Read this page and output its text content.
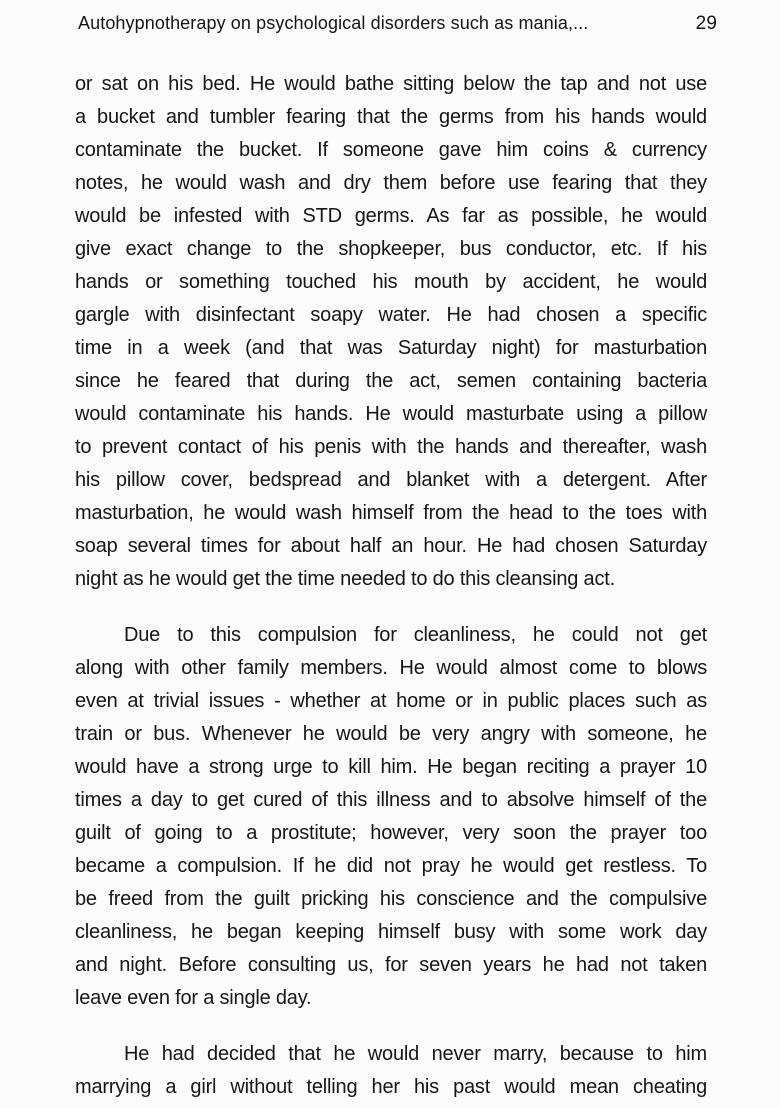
Autohypnotherapy on psychological disorders such as mania,...	29
or sat on his bed. He would bathe sitting below the tap and not use
a bucket and tumbler fearing that the germs from his hands would
contaminate the bucket. If someone gave him coins & currency
notes, he would wash and dry them before use fearing that they
would be infested with STD germs. As far as possible, he would
give exact change to the shopkeeper, bus conductor, etc. If his
hands or something touched his mouth by accident, he would
gargle with disinfectant soapy water. He had chosen a specific
time in a week (and that was Saturday night) for masturbation
since he feared that during the act, semen containing bacteria
would contaminate his hands. He would masturbate using a pillow
to prevent contact of his penis with the hands and thereafter, wash
his pillow cover, bedspread and blanket with a detergent. After
masturbation, he would wash himself from the head to the toes with
soap several times for about half an hour. He had chosen Saturday
night as he would get the time needed to do this cleansing act.
Due to this compulsion for cleanliness, he could not get
along with other family members. He would almost come to blows
even at trivial issues - whether at home or in public places such as
train or bus. Whenever he would be very angry with someone, he
would have a strong urge to kill him. He began reciting a prayer 10
times a day to get cured of this illness and to absolve himself of the
guilt of going to a prostitute; however, very soon the prayer too
became a compulsion. If he did not pray he would get restless. To
be freed from the guilt pricking his conscience and the compulsive
cleanliness, he began keeping himself busy with some work day
and night. Before consulting us, for seven years he had not taken
leave even for a single day.
He had decided that he would never marry, because to him
marrying a girl without telling her his past would mean cheating
